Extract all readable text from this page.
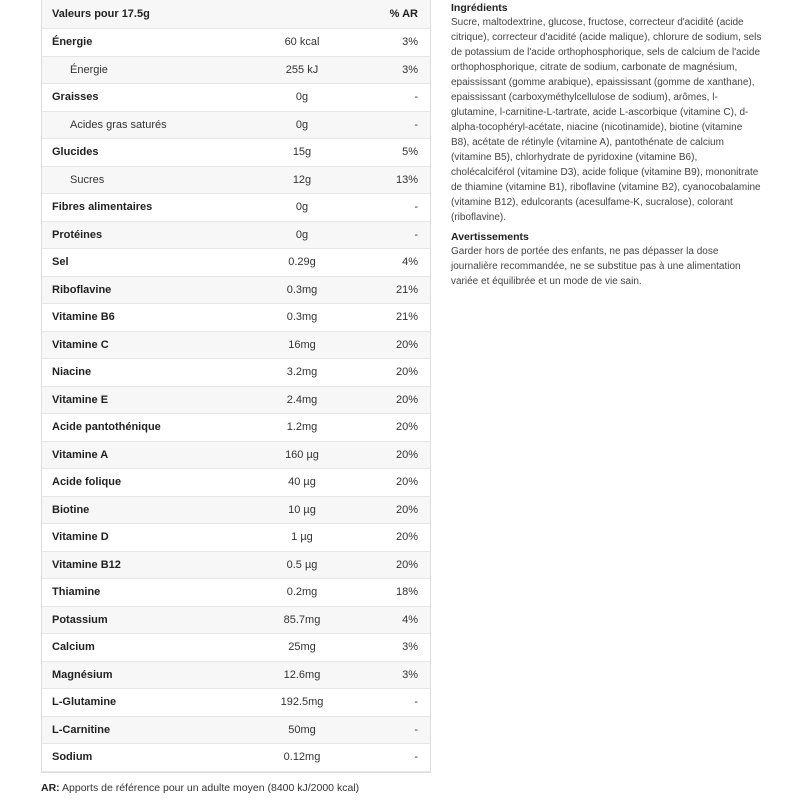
Valeurs pour 17.5g	% AR
Énergie	60 kcal	3%
Énergie	255 kJ	3%
Graisses	0g	-
Acides gras saturés	0g	-
Glucides	15g	5%
Sucres	12g	13%
Fibres alimentaires	0g	-
Protéines	0g	-
Sel	0.29g	4%
Riboflavine	0.3mg	21%
Vitamine B6	0.3mg	21%
Vitamine C	16mg	20%
Niacine	3.2mg	20%
Vitamine E	2.4mg	20%
Acide pantothénique	1.2mg	20%
Vitamine A	160 µg	20%
Acide folique	40 µg	20%
Biotine	10 µg	20%
Vitamine D	1 µg	20%
Vitamine B12	0.5 µg	20%
Thiamine	0.2mg	18%
Potassium	85.7mg	4%
Calcium	25mg	3%
Magnésium	12.6mg	3%
L-Glutamine	192.5mg	-
L-Carnitine	50mg	-
Sodium	0.12mg	-
AR: Apports de référence pour un adulte moyen (8400 kJ/2000 kcal)
Ingrédients

Sucre, maltodextrine, glucose, fructose, correcteur d'acidité (acide citrique), correcteur d'acidité (acide malique), chlorure de sodium, sels de potassium de l'acide orthophosphorique, sels de calcium de l'acide orthophosphorique, citrate de sodium, carbonate de magnésium, epaississant (gomme arabique), epaississant (gomme de xanthane), epaississant (carboxyméthylcellulose de sodium), arômes, l-glutamine, l-carnitine-L-tartrate, acide L-ascorbique (vitamine C), d-alpha-tocophéryl-acétate, niacine (nicotinamide), biotine (vitamine B8), acétate de rétinyle (vitamine A), pantothénate de calcium (vitamine B5), chlorhydrate de pyridoxine (vitamine B6), cholécalciférol (vitamine D3), acide folique (vitamine B9), mononitrate de thiamine (vitamine B1), riboflavine (vitamine B2), cyanocobalamine (vitamine B12), edulcorants (acesulfame-K, sucralose), colorant (riboflavine).

Avertissements

Garder hors de portée des enfants, ne pas dépasser la dose journalière recommandée, ne se substitue pas à une alimentation variée et équilibrée et un mode de vie sain.
